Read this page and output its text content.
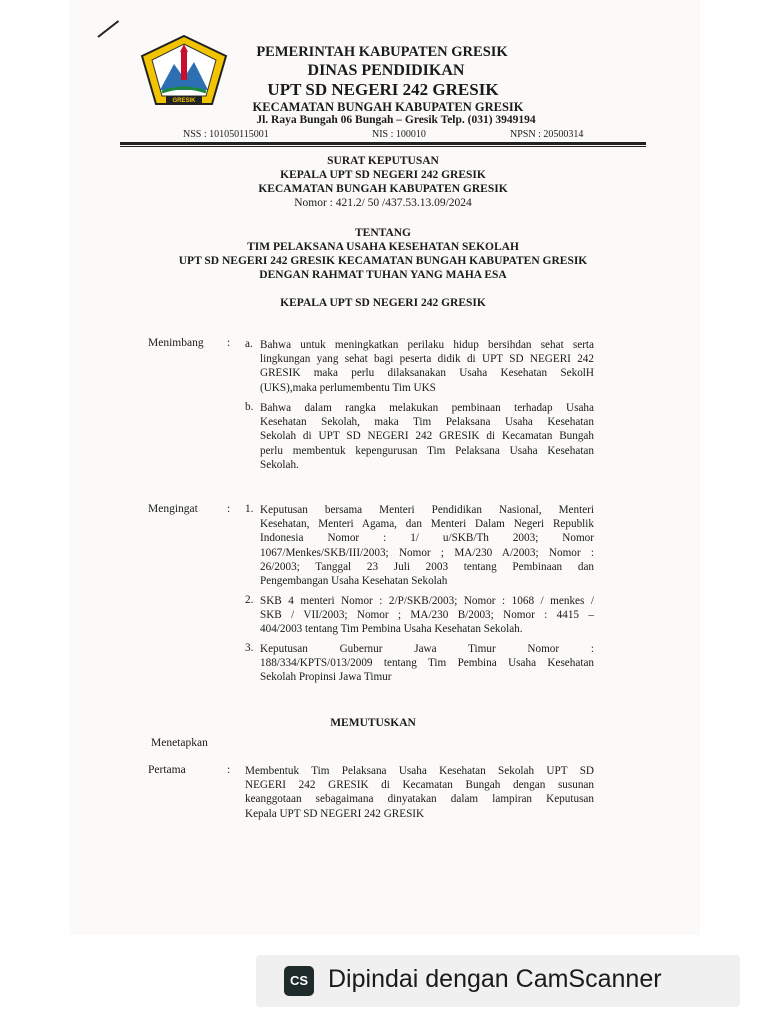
GRESIK
PEMERINTAH KABUPATEN GRESIK
DINAS PENDIDIKAN
UPT SD NEGERI 242 GRESIK
KECAMATAN BUNGAH KABUPATEN GRESIK
Jl. Raya Bungah 06 Bungah – Gresik Telp. (031) 3949194
NSS : 101050115001	NIS : 100010	NPSN : 20500314
SURAT KEPUTUSAN
KEPALA UPT SD NEGERI 242 GRESIK
KECAMATAN BUNGAH KABUPATEN GRESIK
Nomor : 421.2/ 50 /437.53.13.09/2024
TENTANG
TIM PELAKSANA USAHA KESEHATAN SEKOLAH
UPT SD NEGERI 242 GRESIK KECAMATAN BUNGAH KABUPATEN GRESIK
DENGAN RAHMAT TUHAN YANG MAHA ESA
KEPALA UPT SD NEGERI 242 GRESIK
Menimbang : a. Bahwa untuk meningkatkan perilaku hidup bersihdan sehat serta
lingkungan yang sehat bagi peserta didik di UPT SD NEGERI 242
GRESIK maka perlu dilaksanakan Usaha Kesehatan SekolH
(UKS),maka perlumembentu Tim UKS
b. Bahwa dalam rangka melakukan pembinaan terhadap Usaha
Kesehatan Sekolah, maka Tim Pelaksana Usaha Kesehatan
Sekolah di UPT SD NEGERI 242 GRESIK di Kecamatan Bungah
perlu membentuk kepengurusan Tim Pelaksana Usaha Kesehatan
Sekolah.
Mengingat	: 1. Keputusan bersama Menteri Pendidikan Nasional, Menteri
Kesehatan, Menteri Agama, dan Menteri Dalam Negeri Republik
Indonesia Nomor : 1/ u/SKB/Th 2003; Nomor
1067/Menkes/SKB/III/2003; Nomor ; MA/230 A/2003; Nomor :
26/2003; Tanggal 23 Juli 2003 tentang Pembinaan dan
Pengembangan Usaha Kesehatan Sekolah
2. SKB 4 menteri Nomor : 2/P/SKB/2003; Nomor : 1068 / menkes /
SKB / VII/2003; Nomor ; MA/230 B/2003; Nomor : 4415 –
404/2003 tentang Tim Pembina Usaha Kesehatan Sekolah.
3. Keputusan Gubernur Jawa Timur Nomor :
188/334/KPTS/013/2009 tentang Tim Pembina Usaha Kesehatan
Sekolah Propinsi Jawa Timur
MEMUTUSKAN
Menetapkan
Pertama	: Membentuk Tim Pelaksana Usaha Kesehatan Sekolah UPT SD
NEGERI 242 GRESIK di Kecamatan Bungah dengan susunan
keanggotaan sebagaimana dinyatakan dalam lampiran Keputusan
Kepala UPT SD NEGERI 242 GRESIK
CS Dipindai dengan CamScanner
